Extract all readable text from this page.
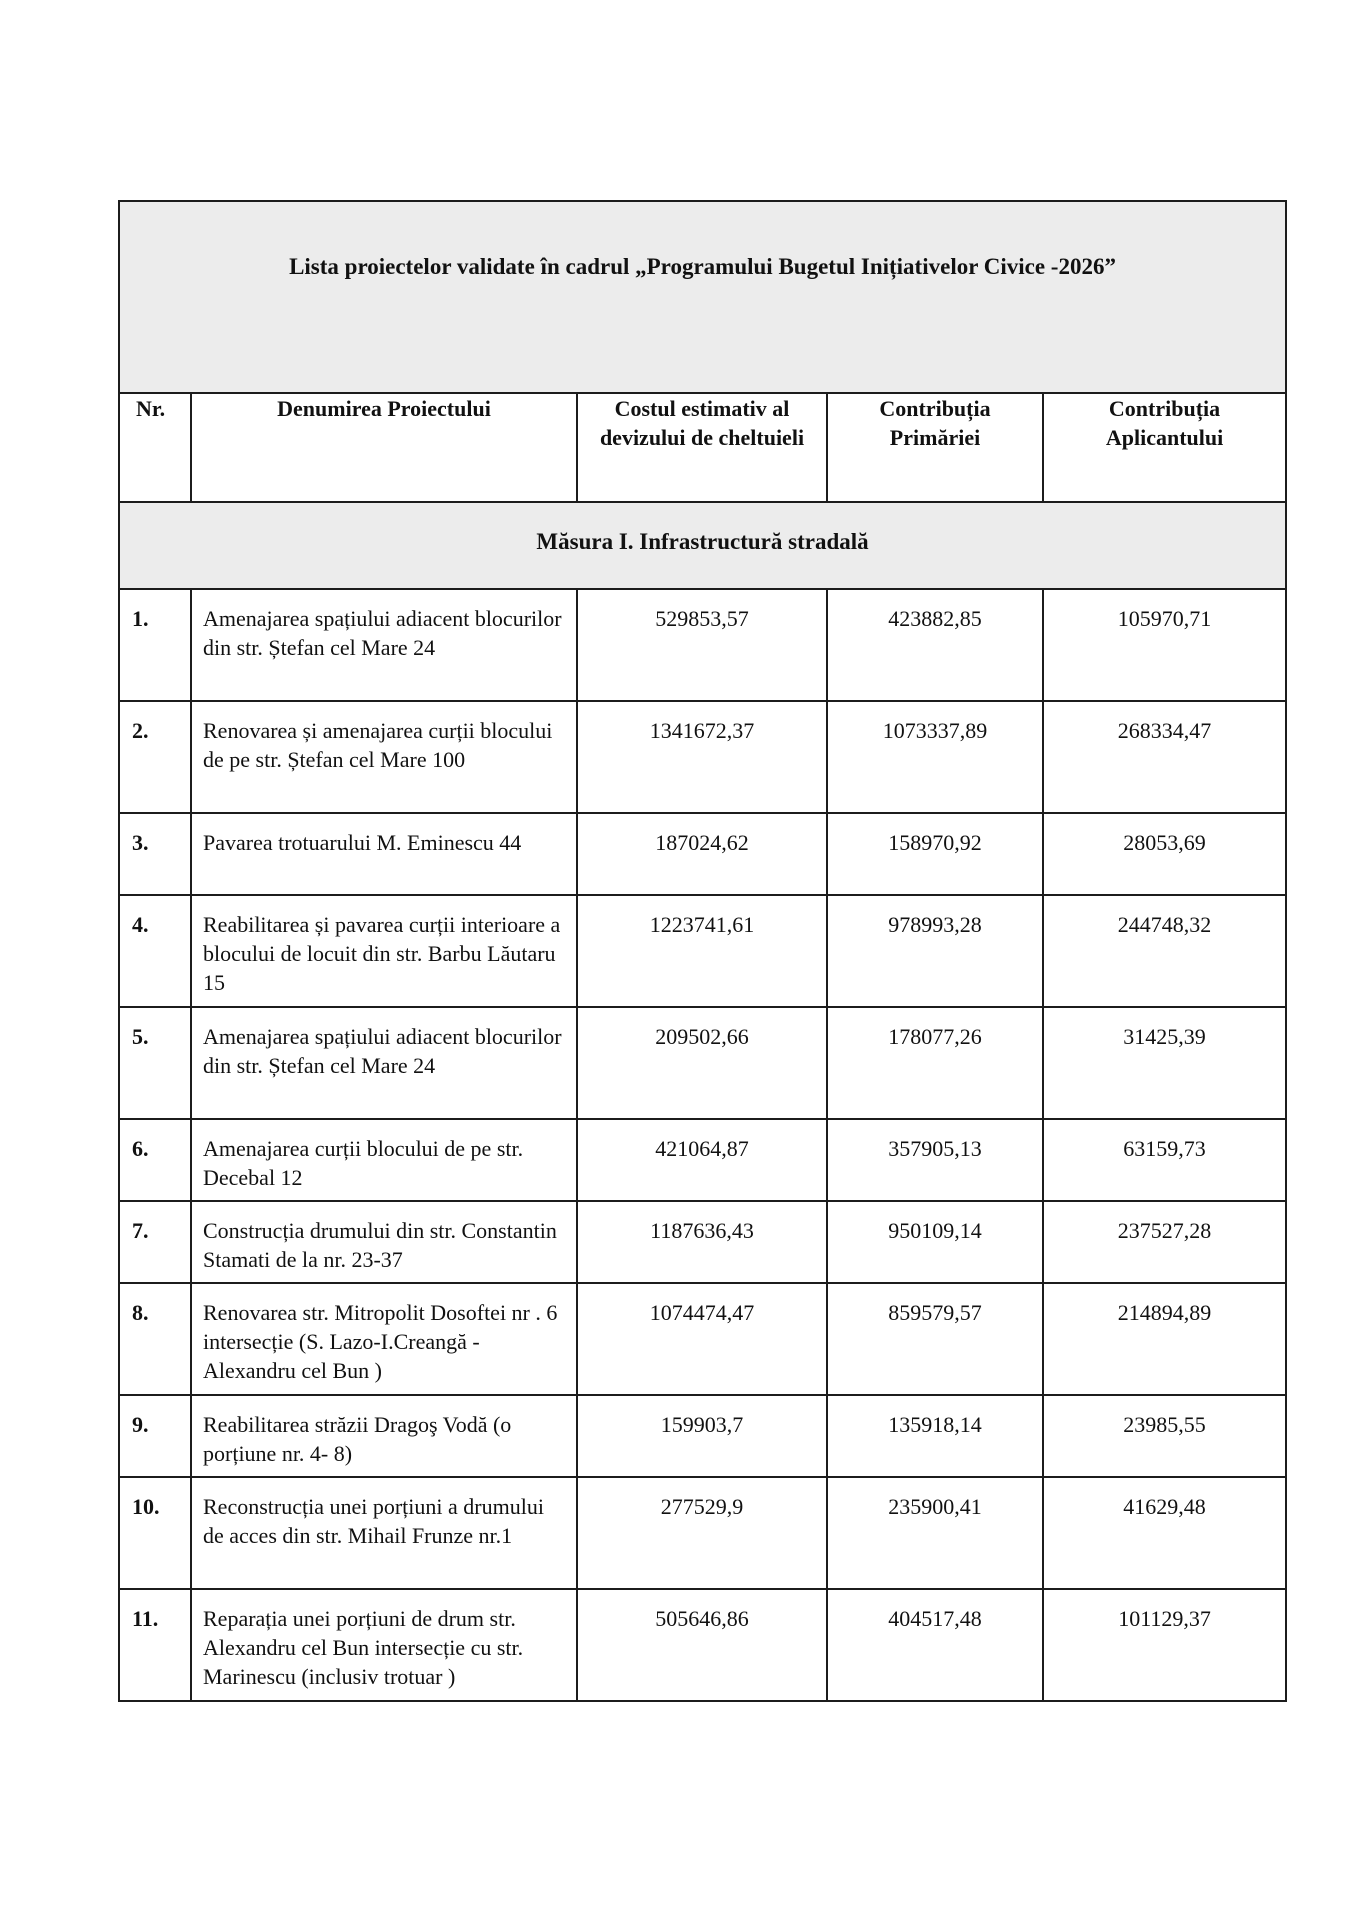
Lista proiectelor validate în cadrul „Programului Bugetul Inițiativelor Civice -2026”				

Nr.	Denumirea Proiectului	Costul estimativ al devizului de cheltuieli	Contribuția Primăriei	Contribuția Aplicantului
Măsura I. Infrastructură stradală				
1.	Amenajarea spațiului adiacent blocurilor din str. Ștefan cel Mare 24	529853,57	423882,85	105970,71
2.	Renovarea și amenajarea curții blocului de pe str. Ștefan cel Mare 100	1341672,37	1073337,89	268334,47
3.	Pavarea trotuarului M. Eminescu 44	187024,62	158970,92	28053,69
4.	Reabilitarea și pavarea curții interioare a blocului de locuit din str. Barbu Lăutaru 15	1223741,61	978993,28	244748,32
5.	Amenajarea spațiului adiacent blocurilor din str. Ștefan cel Mare 24	209502,66	178077,26	31425,39
6.	Amenajarea curții blocului de pe str. Decebal 12	421064,87	357905,13	63159,73
7.	Construcția drumului din str. Constantin Stamati de la nr. 23-37	1187636,43	950109,14	237527,28
8.	Renovarea str. Mitropolit Dosoftei nr . 6 intersecție (S. Lazo-I.Creangă - Alexandru cel Bun )	1074474,47	859579,57	214894,89
9.	Reabilitarea străzii Dragoş Vodă (o porțiune nr. 4- 8)	159903,7	135918,14	23985,55
10.	Reconstrucția unei porțiuni a drumului de acces din str. Mihail Frunze nr.1	277529,9	235900,41	41629,48
11.	Reparația unei porțiuni de drum str. Alexandru cel Bun intersecție cu str. Marinescu (inclusiv trotuar )	505646,86	404517,48	101129,37
